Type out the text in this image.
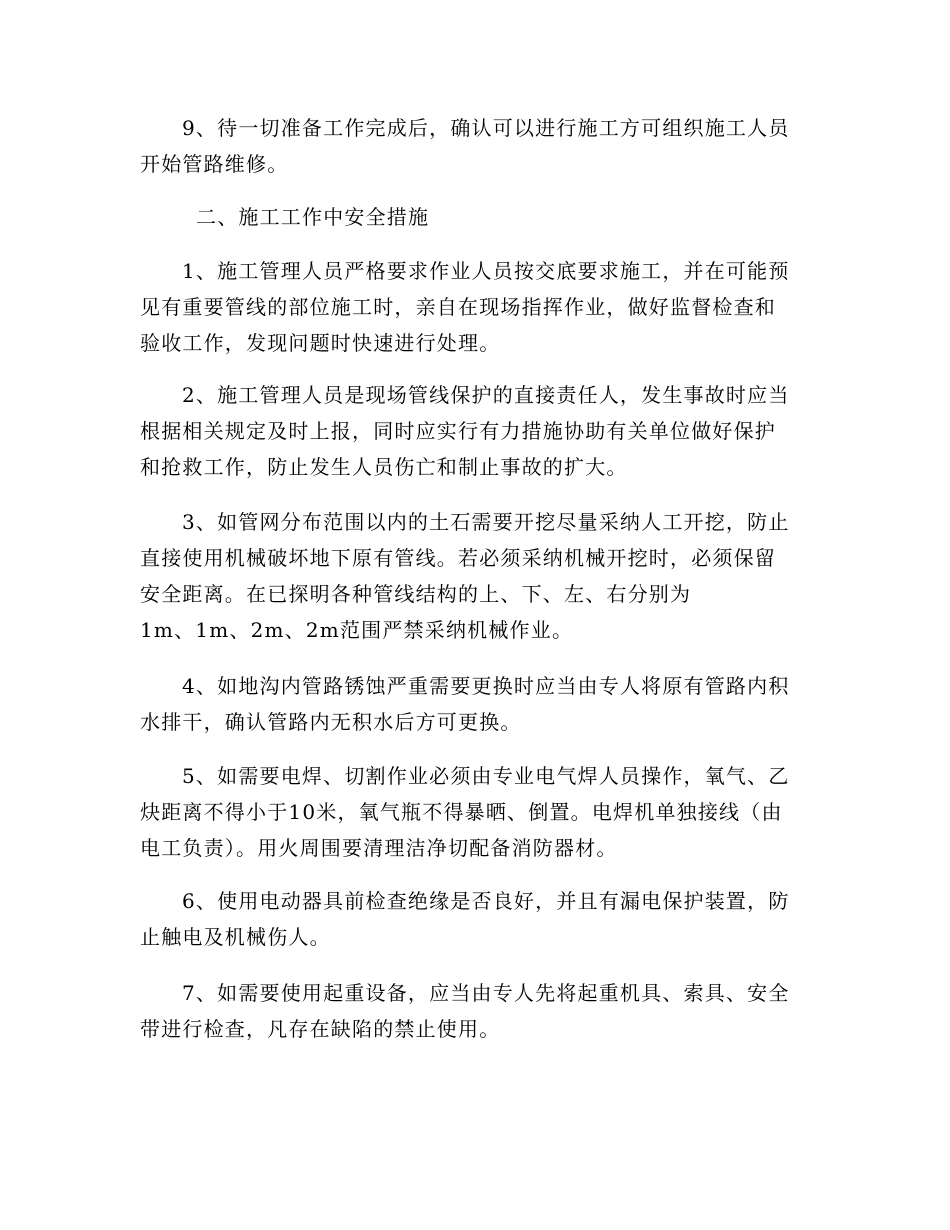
9、待一切准备工作完成后，确认可以进行施工方可组织施工人员
开始管路维修。

二、施工工作中安全措施

1、施工管理人员严格要求作业人员按交底要求施工，并在可能预
见有重要管线的部位施工时，亲自在现场指挥作业，做好监督检查和
验收工作，发现问题时快速进行处理。

2、施工管理人员是现场管线保护的直接责任人，发生事故时应当
根据相关规定及时上报，同时应实行有力措施协助有关单位做好保护
和抢救工作，防止发生人员伤亡和制止事故的扩大。

3、如管网分布范围以内的土石需要开挖尽量采纳人工开挖，防止
直接使用机械破坏地下原有管线。若必须采纳机械开挖时，必须保留
安全距离。在已探明各种管线结构的上、下、左、右分别为
1m、1m、2m、2m范围严禁采纳机械作业。

4、如地沟内管路锈蚀严重需要更换时应当由专人将原有管路内积
水排干，确认管路内无积水后方可更换。

5、如需要电焊、切割作业必须由专业电气焊人员操作，氧气、乙
炔距离不得小于10米，氧气瓶不得暴晒、倒置。电焊机单独接线（由
电工负责）。用火周围要清理洁净切配备消防器材。

6、使用电动器具前检查绝缘是否良好，并且有漏电保护装置，防
止触电及机械伤人。

7、如需要使用起重设备，应当由专人先将起重机具、索具、安全
带进行检查，凡存在缺陷的禁止使用。
